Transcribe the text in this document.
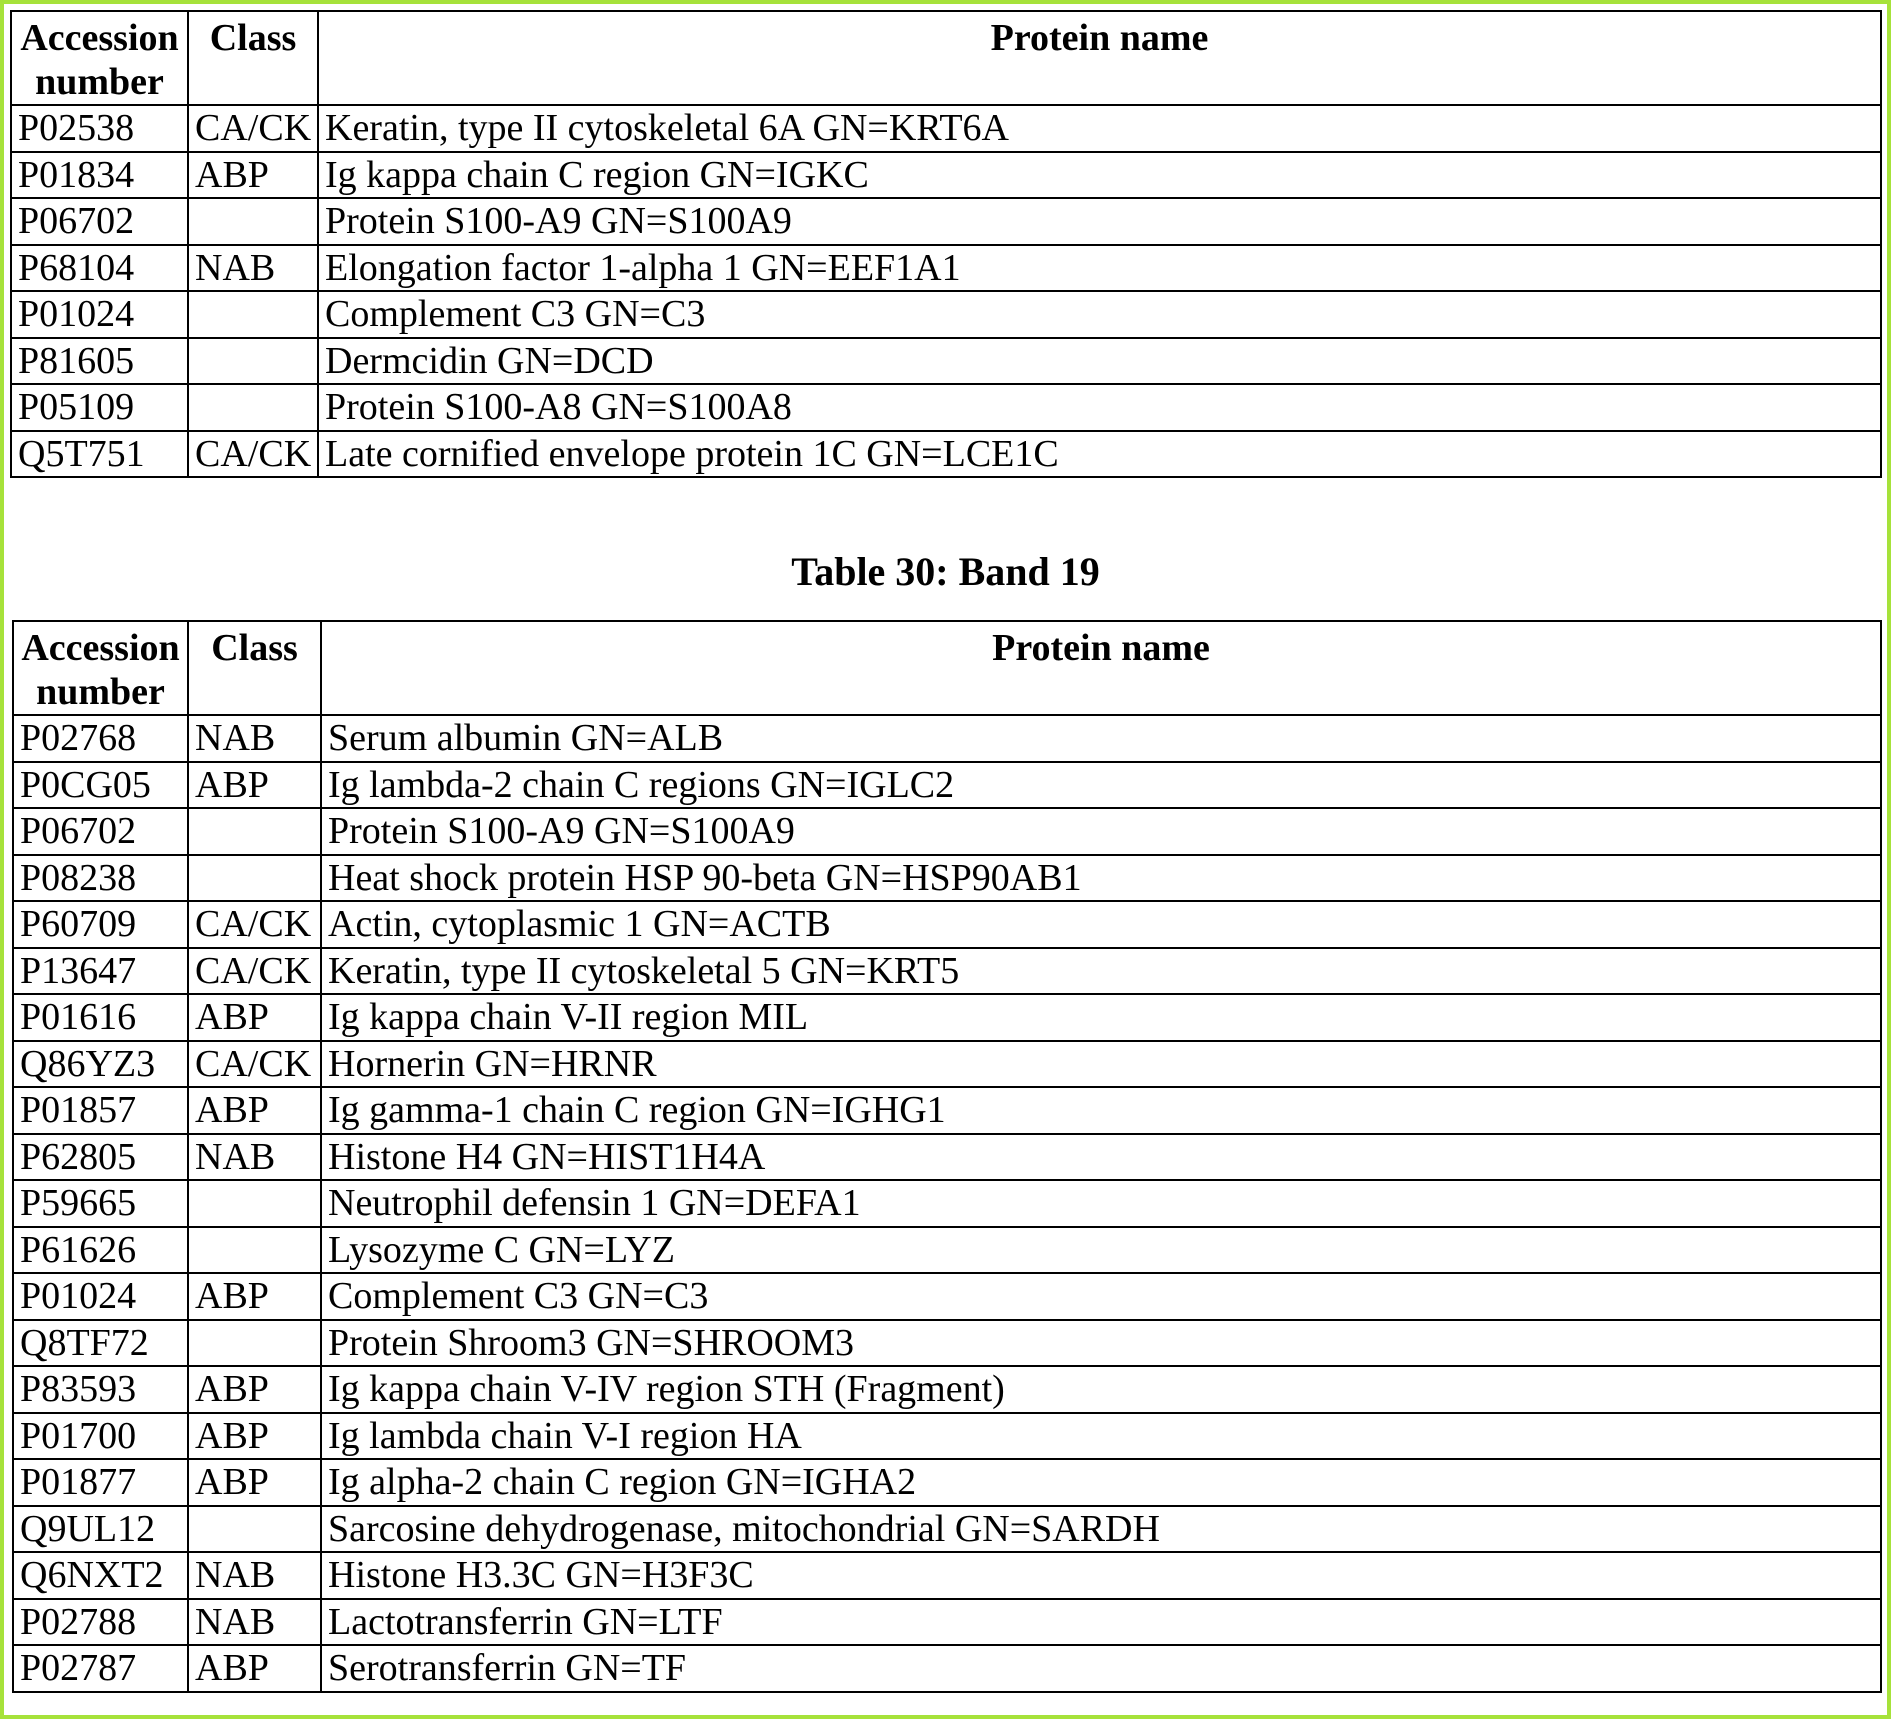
Accession number	Class	Protein name
P02538	CA/CK	Keratin, type II cytoskeletal 6A GN=KRT6A
P01834	ABP	Ig kappa chain C region GN=IGKC
P06702		Protein S100-A9 GN=S100A9
P68104	NAB	Elongation factor 1-alpha 1 GN=EEF1A1
P01024		Complement C3 GN=C3
P81605		Dermcidin GN=DCD
P05109		Protein S100-A8 GN=S100A8
Q5T751	CA/CK	Late cornified envelope protein 1C GN=LCE1C
Table 30: Band 19
Accession number	Class	Protein name
P02768	NAB	Serum albumin GN=ALB
P0CG05	ABP	Ig lambda-2 chain C regions GN=IGLC2
P06702		Protein S100-A9 GN=S100A9
P08238		Heat shock protein HSP 90-beta GN=HSP90AB1
P60709	CA/CK	Actin, cytoplasmic 1 GN=ACTB
P13647	CA/CK	Keratin, type II cytoskeletal 5 GN=KRT5
P01616	ABP	Ig kappa chain V-II region MIL
Q86YZ3	CA/CK	Hornerin GN=HRNR
P01857	ABP	Ig gamma-1 chain C region GN=IGHG1
P62805	NAB	Histone H4 GN=HIST1H4A
P59665		Neutrophil defensin 1 GN=DEFA1
P61626		Lysozyme C GN=LYZ
P01024	ABP	Complement C3 GN=C3
Q8TF72		Protein Shroom3 GN=SHROOM3
P83593	ABP	Ig kappa chain V-IV region STH (Fragment)
P01700	ABP	Ig lambda chain V-I region HA
P01877	ABP	Ig alpha-2 chain C region GN=IGHA2
Q9UL12		Sarcosine dehydrogenase, mitochondrial GN=SARDH
Q6NXT2	NAB	Histone H3.3C GN=H3F3C
P02788	NAB	Lactotransferrin GN=LTF
P02787	ABP	Serotransferrin GN=TF
